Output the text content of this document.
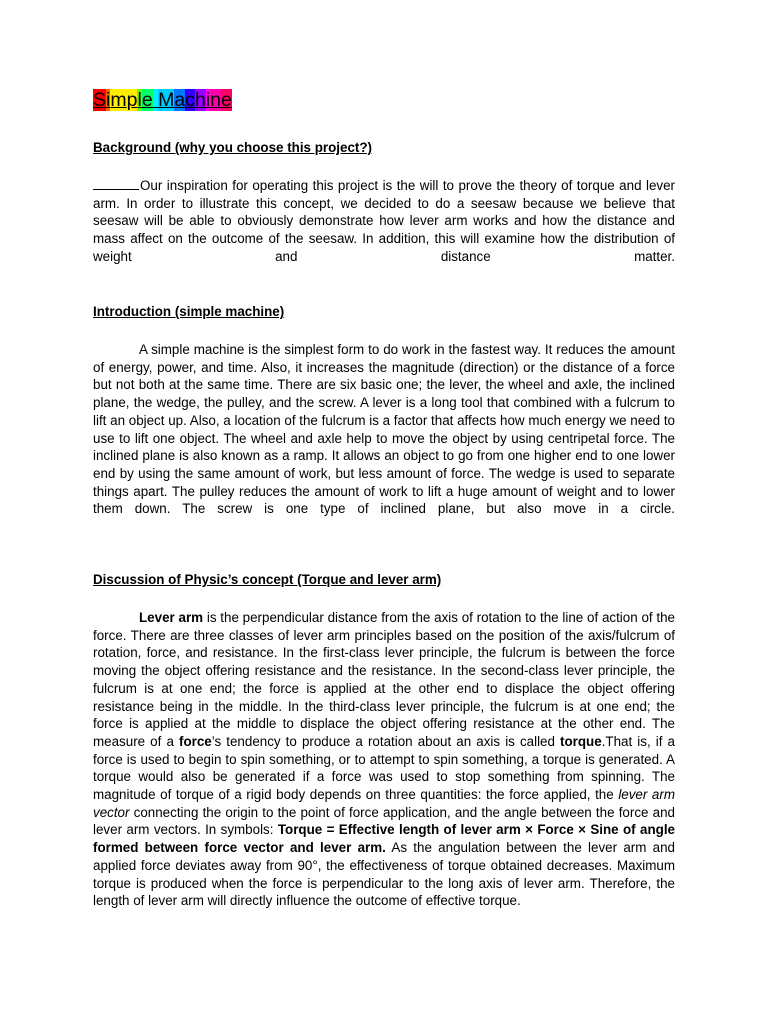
Simple Machine
Background (why you choose this project?)
Our inspiration for operating this project is the will to prove the theory of torque and lever arm. In order to illustrate this concept, we decided to do a seesaw because we believe that seesaw will be able to obviously demonstrate how lever arm works and how the distance and mass affect on the outcome of the seesaw. In addition, this will examine how the distribution of weight and distance matter.
Introduction (simple machine)
A simple machine is the simplest form to do work in the fastest way. It reduces the amount of energy, power, and time. Also, it increases the magnitude (direction) or the distance of a force but not both at the same time. There are six basic one; the lever, the wheel and axle, the inclined plane, the wedge, the pulley, and the screw. A lever is a long tool that combined with a fulcrum to lift an object up. Also, a location of the fulcrum is a factor that affects how much energy we need to use to lift one object. The wheel and axle help to move the object by using centripetal force. The inclined plane is also known as a ramp. It allows an object to go from one higher end to one lower end by using the same amount of work, but less amount of force. The wedge is used to separate things apart. The pulley reduces the amount of work to lift a huge amount of weight and to lower them down. The screw is one type of inclined plane, but also move in a circle.
Discussion of Physic’s concept (Torque and lever arm)
Lever arm is the perpendicular distance from the axis of rotation to the line of action of the force. There are three classes of lever arm principles based on the position of the axis/fulcrum of rotation, force, and resistance. In the first-class lever principle, the fulcrum is between the force moving the object offering resistance and the resistance. In the second-class lever principle, the fulcrum is at one end; the force is applied at the other end to displace the object offering resistance being in the middle. In the third-class lever principle, the fulcrum is at one end; the force is applied at the middle to displace the object offering resistance at the other end. The measure of a force’s tendency to produce a rotation about an axis is called torque.That is, if a force is used to begin to spin something, or to attempt to spin something, a torque is generated. A torque would also be generated if a force was used to stop something from spinning. The magnitude of torque of a rigid body depends on three quantities: the force applied, the lever arm vector connecting the origin to the point of force application, and the angle between the force and lever arm vectors. In symbols: Torque = Effective length of lever arm × Force × Sine of angle formed between force vector and lever arm. As the angulation between the lever arm and applied force deviates away from 90°, the effectiveness of torque obtained decreases. Maximum torque is produced when the force is perpendicular to the long axis of lever arm. Therefore, the length of lever arm will directly influence the outcome of effective torque.
